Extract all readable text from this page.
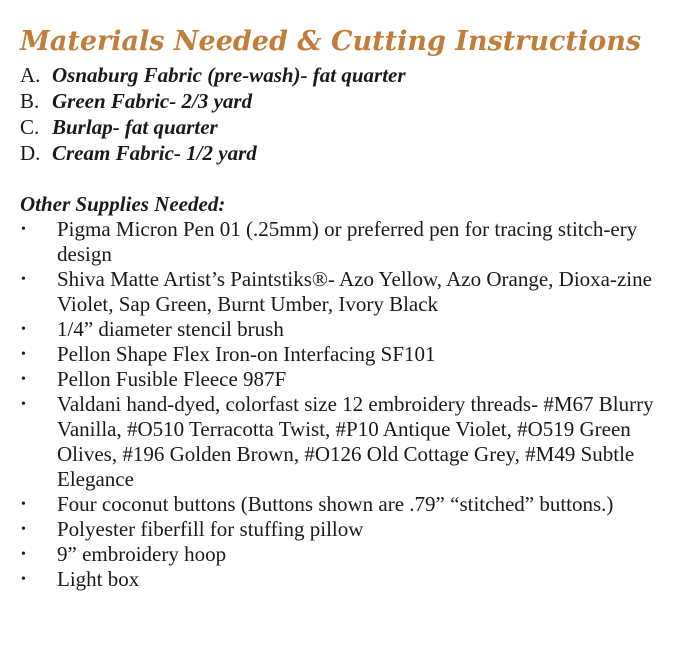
Materials Needed & Cutting Instructions
A. Osnaburg Fabric (pre-wash)- fat quarter
B. Green Fabric- 2/3 yard
C. Burlap- fat quarter
D. Cream Fabric- 1/2 yard
Other Supplies Needed:
•	Pigma Micron Pen 01 (.25mm) or preferred pen for tracing stitch-ery design
•	Shiva Matte Artist’s Paintstiks®- Azo Yellow, Azo Orange, Dioxa-zine Violet, Sap Green, Burnt Umber, Ivory Black
•	1/4” diameter stencil brush
•	Pellon Shape Flex Iron-on Interfacing SF101
•	Pellon Fusible Fleece 987F
•	Valdani hand-dyed, colorfast size 12 embroidery threads- #M67 Blurry Vanilla, #O510 Terracotta Twist, #P10 Antique Violet, #O519 Green Olives, #196 Golden Brown, #O126 Old Cottage Grey, #M49 Subtle Elegance
•	Four coconut buttons (Buttons shown are .79” “stitched” buttons.)
•	Polyester fiberfill for stuffing pillow
•	9” embroidery hoop
•	Light box
